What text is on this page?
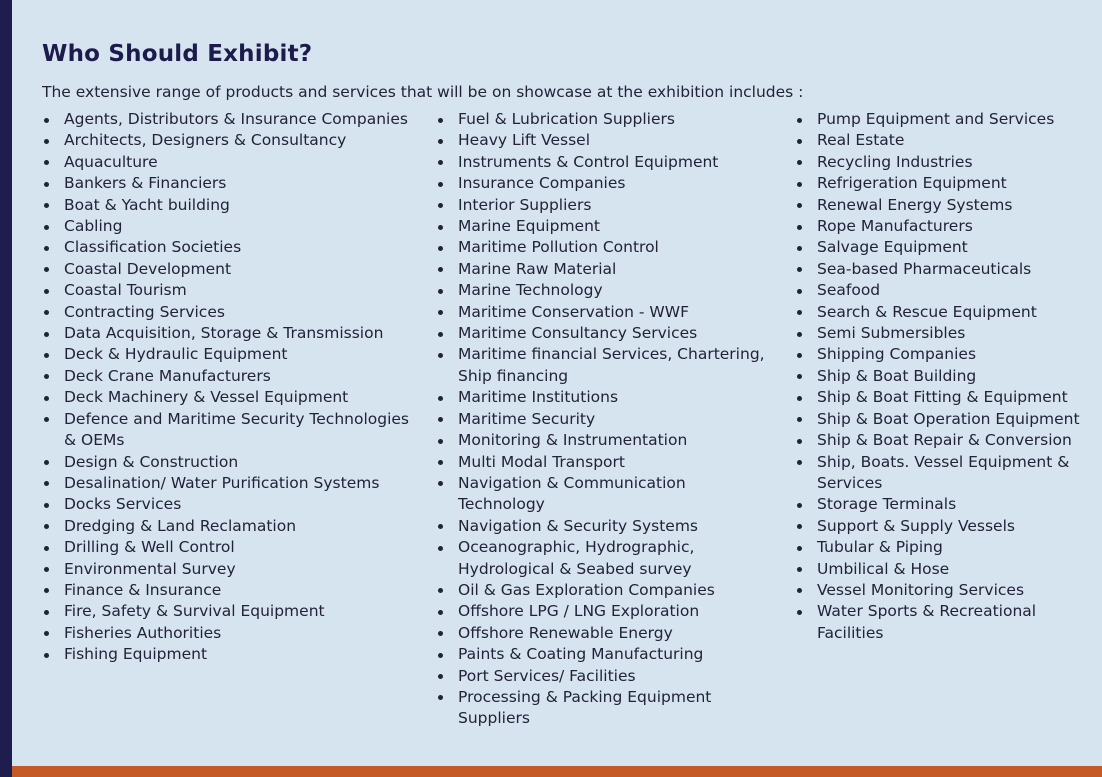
Who Should Exhibit?

The extensive range of products and services that will be on showcase at the exhibition includes :

Agents, Distributors & Insurance Companies
Architects, Designers & Consultancy
Aquaculture
Bankers & Financiers
Boat & Yacht building
Cabling
Classification Societies
Coastal Development
Coastal Tourism
Contracting Services
Data Acquisition, Storage & Transmission
Deck & Hydraulic Equipment
Deck Crane Manufacturers
Deck Machinery & Vessel Equipment
Defence and Maritime Security Technologies & OEMs
Design & Construction
Desalination/ Water Purification Systems
Docks Services
Dredging & Land Reclamation
Drilling & Well Control
Environmental Survey
Finance & Insurance
Fire, Safety & Survival Equipment
Fisheries Authorities
Fishing Equipment
Fuel & Lubrication Suppliers
Heavy Lift Vessel
Instruments & Control Equipment
Insurance Companies
Interior Suppliers
Marine Equipment
Maritime Pollution Control
Marine Raw Material
Marine Technology
Maritime Conservation - WWF
Maritime Consultancy Services
Maritime financial Services, Chartering, Ship financing
Maritime Institutions
Maritime Security
Monitoring & Instrumentation
Multi Modal Transport
Navigation & Communication Technology
Navigation & Security Systems
Oceanographic, Hydrographic, Hydrological & Seabed survey
Oil & Gas Exploration Companies
Offshore LPG / LNG Exploration
Offshore Renewable Energy
Paints & Coating Manufacturing
Port Services/ Facilities
Processing & Packing Equipment Suppliers
Pump Equipment and Services
Real Estate
Recycling Industries
Refrigeration Equipment
Renewal Energy Systems
Rope Manufacturers
Salvage Equipment
Sea-based Pharmaceuticals
Seafood
Search & Rescue Equipment
Semi Submersibles
Shipping Companies
Ship & Boat Building
Ship & Boat Fitting & Equipment
Ship & Boat Operation Equipment
Ship & Boat Repair & Conversion
Ship, Boats. Vessel Equipment & Services
Storage Terminals
Support & Supply Vessels
Tubular & Piping
Umbilical & Hose
Vessel Monitoring Services
Water Sports & Recreational Facilities
